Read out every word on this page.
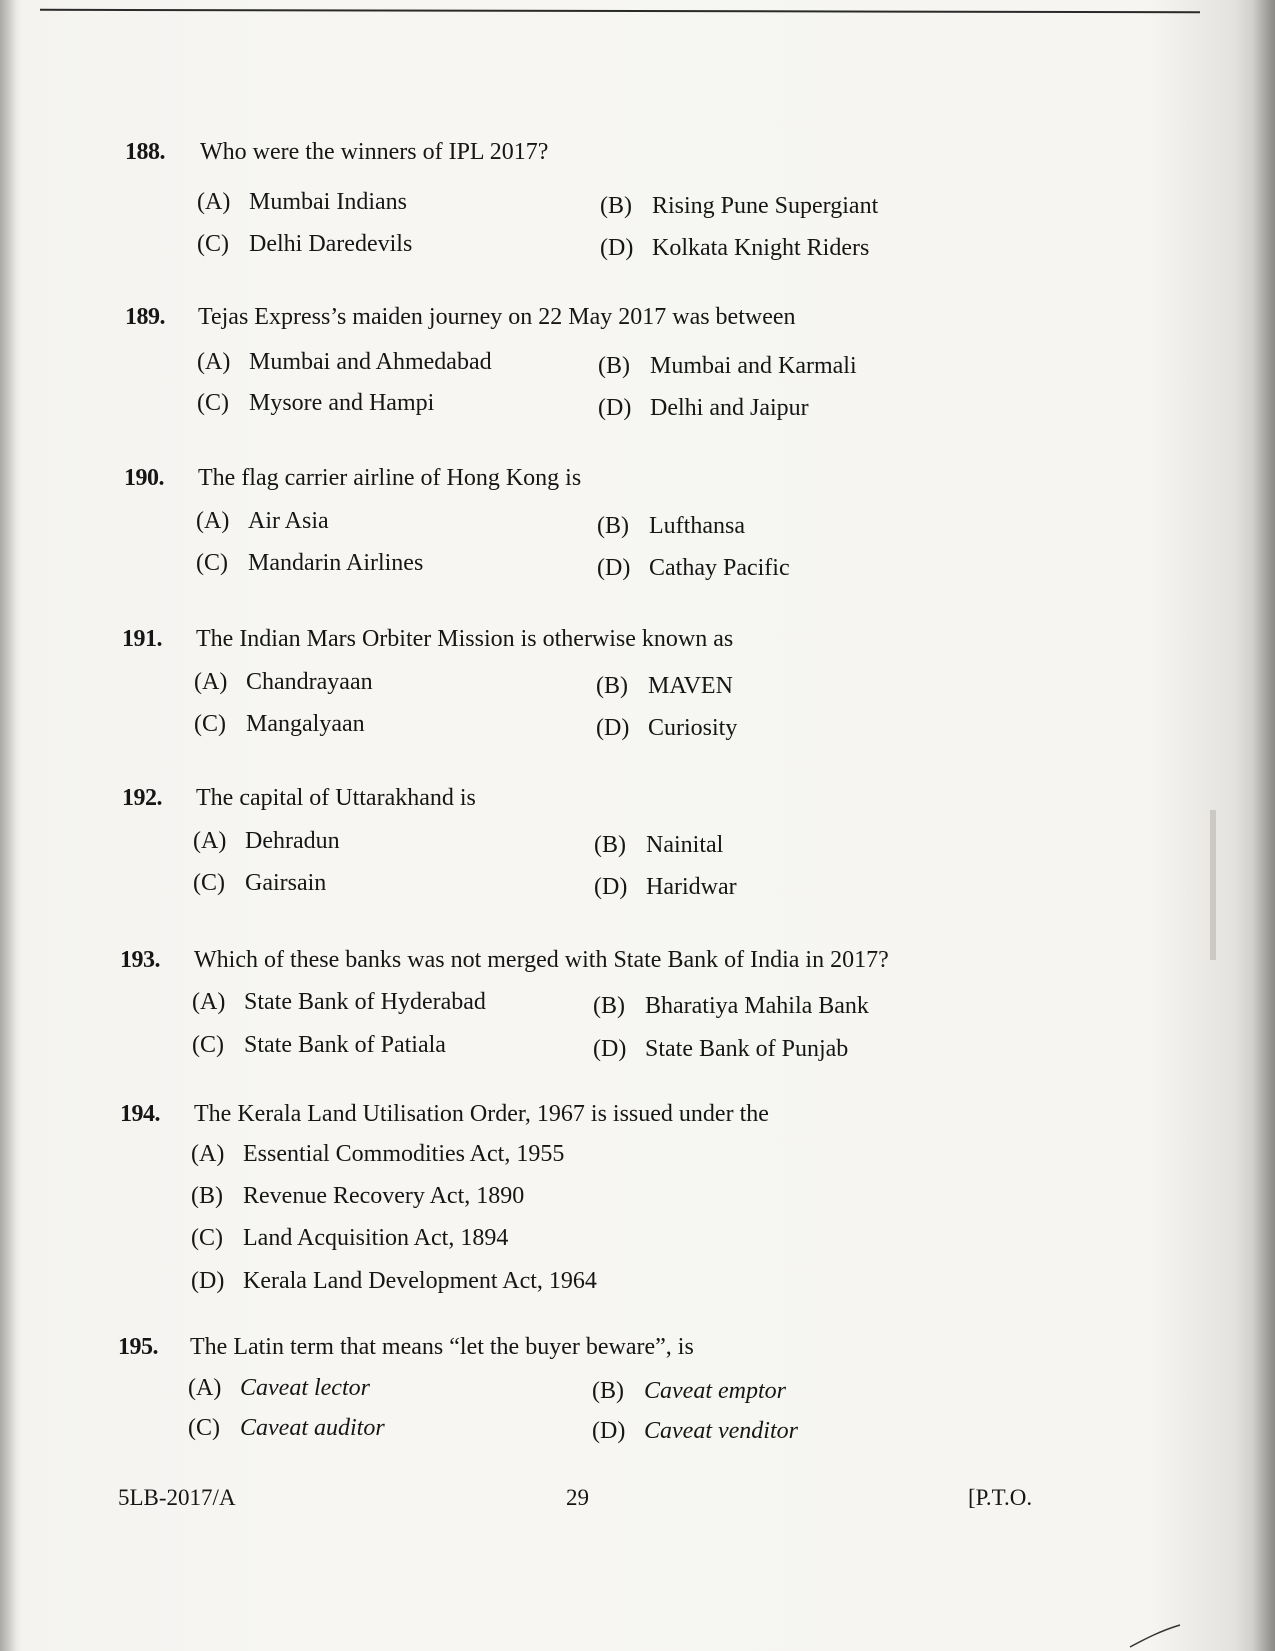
188. Who were the winners of IPL 2017?
(A) Mumbai Indians	(B) Rising Pune Supergiant
(C) Delhi Daredevils	(D) Kolkata Knight Riders
189. Tejas Express’s maiden journey on 22 May 2017 was between
(A) Mumbai and Ahmedabad	(B) Mumbai and Karmali
(C) Mysore and Hampi	(D) Delhi and Jaipur
190. The flag carrier airline of Hong Kong is
(A) Air Asia	(B) Lufthansa
(C) Mandarin Airlines	(D) Cathay Pacific
191. The Indian Mars Orbiter Mission is otherwise known as
(A) Chandrayaan	(B) MAVEN
(C) Mangalyaan	(D) Curiosity
192. The capital of Uttarakhand is
(A) Dehradun	(B) Nainital
(C) Gairsain	(D) Haridwar
193. Which of these banks was not merged with State Bank of India in 2017?
(A) State Bank of Hyderabad	(B) Bharatiya Mahila Bank
(C) State Bank of Patiala	(D) State Bank of Punjab
194. The Kerala Land Utilisation Order, 1967 is issued under the
(A) Essential Commodities Act, 1955
(B) Revenue Recovery Act, 1890
(C) Land Acquisition Act, 1894
(D) Kerala Land Development Act, 1964
195. The Latin term that means “let the buyer beware”, is
(A) Caveat lector	(B) Caveat emptor
(C) Caveat auditor	(D) Caveat venditor
5LB-2017/A	29	[P.T.O.
